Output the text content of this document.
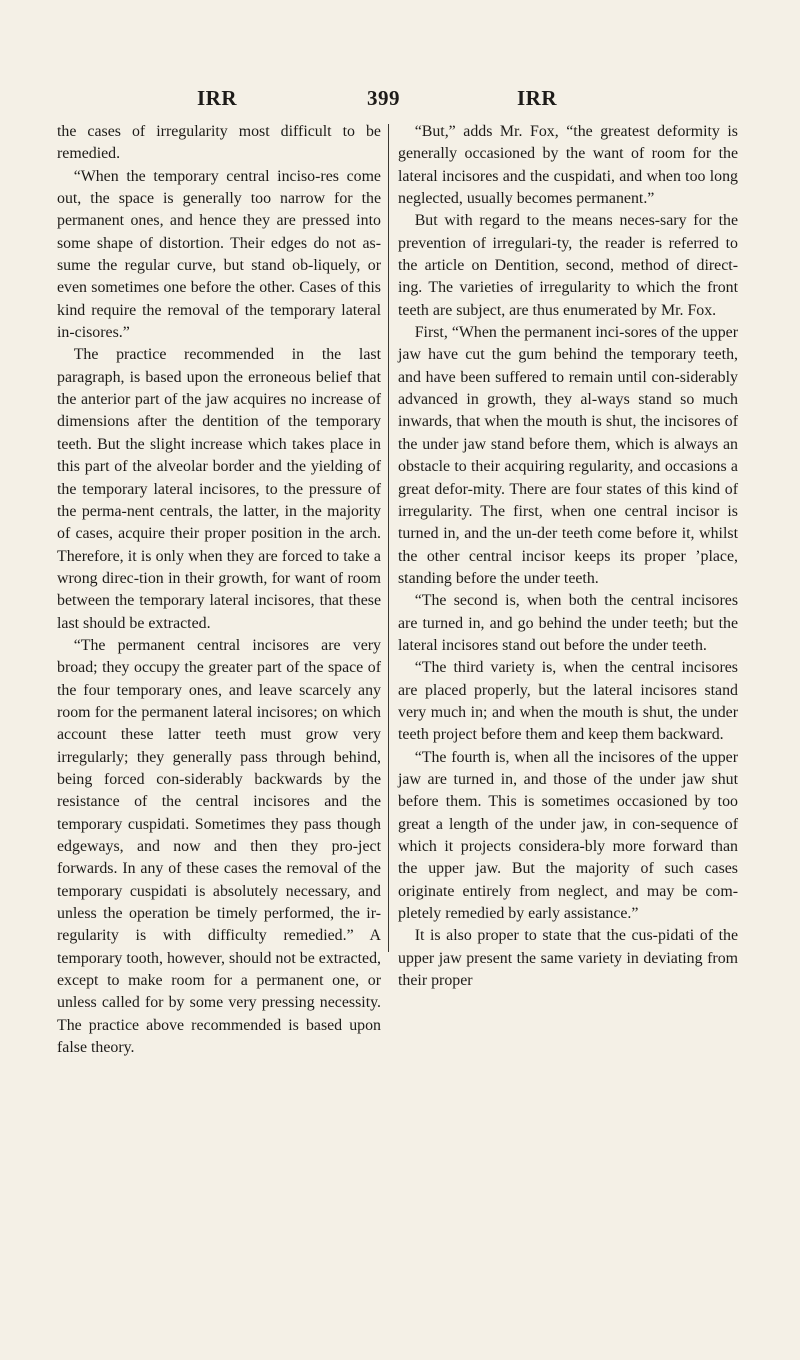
IRR	399	IRR

the cases of irregularity most difficult to be remedied.

“When the temporary central inciso-res come out, the space is generally too narrow for the permanent ones, and hence they are pressed into some shape of distortion. Their edges do not as-sume the regular curve, but stand ob-liquely, or even sometimes one before the other. Cases of this kind require the removal of the temporary lateral in-cisores.”

The practice recommended in the last paragraph, is based upon the erroneous belief that the anterior part of the jaw acquires no increase of dimensions after the dentition of the temporary teeth. But the slight increase which takes place in this part of the alveolar border and the yielding of the temporary lateral incisores, to the pressure of the perma-nent centrals, the latter, in the majority of cases, acquire their proper position in the arch. Therefore, it is only when they are forced to take a wrong direc-tion in their growth, for want of room between the temporary lateral incisores, that these last should be extracted.

“The permanent central incisores are very broad; they occupy the greater part of the space of the four temporary ones, and leave scarcely any room for the permanent lateral incisores; on which account these latter teeth must grow very irregularly; they generally pass through behind, being forced con-siderably backwards by the resistance of the central incisores and the temporary cuspidati. Sometimes they pass though edgeways, and now and then they pro-ject forwards. In any of these cases the removal of the temporary cuspidati is absolutely necessary, and unless the operation be timely performed, the ir-regularity is with difficulty remedied.” A temporary tooth, however, should not be extracted, except to make room for a permanent one, or unless called for by some very pressing necessity. The practice above recommended is based upon false theory.

“But,” adds Mr. Fox, “the greatest deformity is generally occasioned by the want of room for the lateral incisores and the cuspidati, and when too long neglected, usually becomes permanent.”

But with regard to the means neces-sary for the prevention of irregulari-ty, the reader is referred to the article on Dentition, second, method of direct-ing. The varieties of irregularity to which the front teeth are subject, are thus enumerated by Mr. Fox.

First, “When the permanent inci-sores of the upper jaw have cut the gum behind the temporary teeth, and have been suffered to remain until con-siderably advanced in growth, they al-ways stand so much inwards, that when the mouth is shut, the incisores of the under jaw stand before them, which is always an obstacle to their acquiring regularity, and occasions a great defor-mity. There are four states of this kind of irregularity. The first, when one central incisor is turned in, and the un-der teeth come before it, whilst the other central incisor keeps its proper ’place, standing before the under teeth.

“The second is, when both the central incisores are turned in, and go behind the under teeth; but the lateral incisores stand out before the under teeth.

“The third variety is, when the central incisores are placed properly, but the lateral incisores stand very much in; and when the mouth is shut, the under teeth project before them and keep them backward.

“The fourth is, when all the incisores of the upper jaw are turned in, and those of the under jaw shut before them. This is sometimes occasioned by too great a length of the under jaw, in con-sequence of which it projects considera-bly more forward than the upper jaw. But the majority of such cases originate entirely from neglect, and may be com-pletely remedied by early assistance.”

It is also proper to state that the cus-pidati of the upper jaw present the same variety in deviating from their proper
